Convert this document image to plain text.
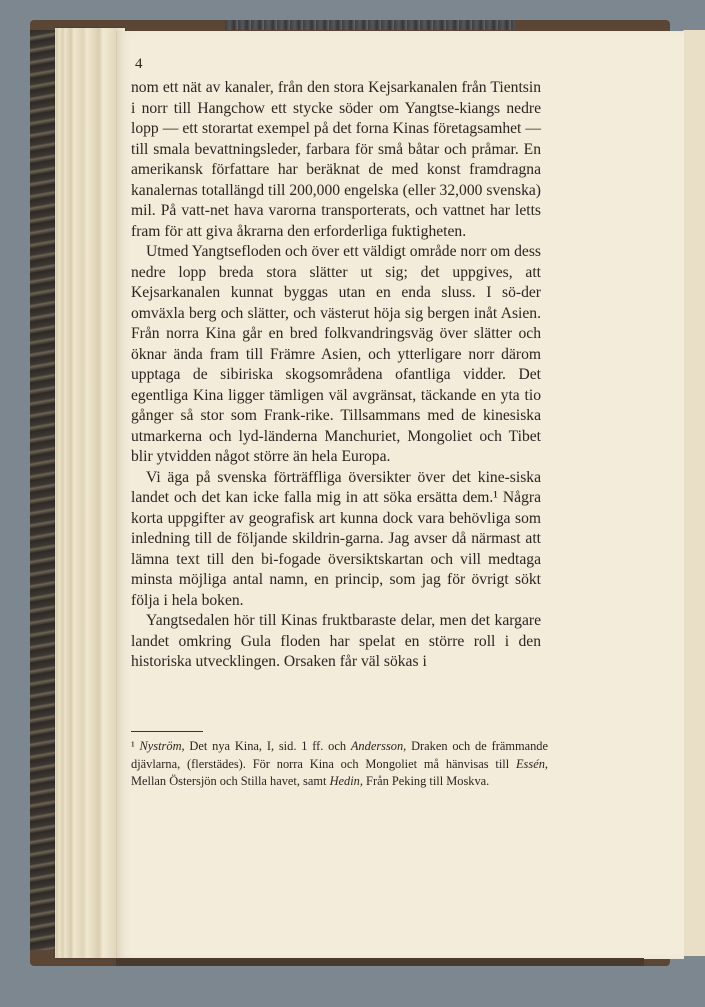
4

nom ett nät av kanaler, från den stora Kejsarkanalen från Tientsin i norr till Hangchow ett stycke söder om Yangtse-kiangs nedre lopp — ett storartat exempel på det forna Kinas företagsamhet — till smala bevattningsleder, farbara för små båtar och pråmar. En amerikansk författare har beräknat de med konst framdragna kanalernas totallängd till 200,000 engelska (eller 32,000 svenska) mil. På vatt-net hava varorna transporterats, och vattnet har letts fram för att giva åkrarna den erforderliga fuktigheten.

Utmed Yangtsefloden och över ett väldigt område norr om dess nedre lopp breda stora slätter ut sig; det uppgives, att Kejsarkanalen kunnat byggas utan en enda sluss. I sö-der omväxla berg och slätter, och västerut höja sig bergen inåt Asien. Från norra Kina går en bred folkvandringsväg över slätter och öknar ända fram till Främre Asien, och ytterligare norr därom upptaga de sibiriska skogsområdena ofantliga vidder. Det egentliga Kina ligger tämligen väl avgränsat, täckande en yta tio gånger så stor som Frank-rike. Tillsammans med de kinesiska utmarkerna och lyd-länderna Manchuriet, Mongoliet och Tibet blir ytvidden något större än hela Europa.

Vi äga på svenska förträffliga översikter över det kine-siska landet och det kan icke falla mig in att söka ersätta dem.¹ Några korta uppgifter av geografisk art kunna dock vara behövliga som inledning till de följande skildrin-garna. Jag avser då närmast att lämna text till den bi-fogade översiktskartan och vill medtaga minsta möjliga antal namn, en princip, som jag för övrigt sökt följa i hela boken.

Yangtsedalen hör till Kinas fruktbaraste delar, men det kargare landet omkring Gula floden har spelat en större roll i den historiska utvecklingen. Orsaken får väl sökas i

¹ Nyström, Det nya Kina, I, sid. 1 ff. och Andersson, Draken och de främmande djävlarna, (flerstädes). För norra Kina och Mongoliet må hänvisas till Essén, Mellan Östersjön och Stilla havet, samt Hedin, Från Peking till Moskva.
